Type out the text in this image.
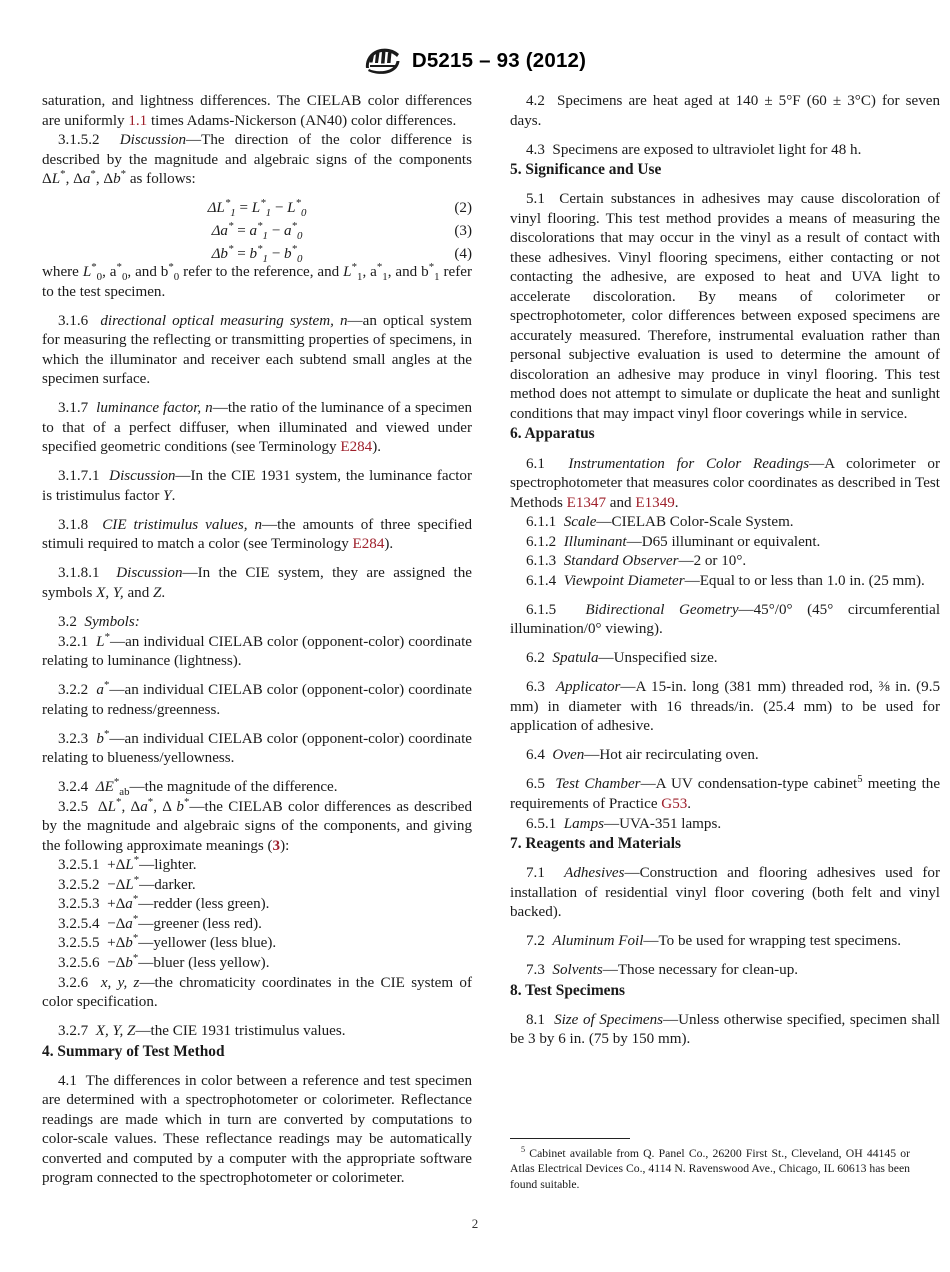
D5215 – 93 (2012)

saturation, and lightness differences. The CIELAB color differences are uniformly 1.1 times Adams-Nickerson (AN40) color differences.

3.1.5.2 Discussion—The direction of the color difference is described by the magnitude and algebraic signs of the components ΔL*, Δa*, Δb* as follows:

$\Delta L^*_1 = L^*_1 - L^*_0$	(2)
$\Delta a^* = a^*_1 - a^*_0$	(3)
$\Delta b^* = b^*_1 - b^*_0$	(4)

where $L^*_0$, $a^*_0$, and $b^*_0$ refer to the reference, and $L^*_1$, $a^*_1$, and $b^*_1$ refer to the test specimen.

3.1.6 directional optical measuring system, n—an optical system for measuring the reflecting or transmitting properties of specimens, in which the illuminator and receiver each subtend small angles at the specimen surface.

3.1.7 luminance factor, n—the ratio of the luminance of a specimen to that of a perfect diffuser, when illuminated and viewed under specified geometric conditions (see Terminology E284).

3.1.7.1 Discussion—In the CIE 1931 system, the luminance factor is tristimulus factor Y.

3.1.8 CIE tristimulus values, n—the amounts of three specified stimuli required to match a color (see Terminology E284).

3.1.8.1 Discussion—In the CIE system, they are assigned the symbols X, Y, and Z.

3.2 Symbols:

3.2.1 L*—an individual CIELAB color (opponent-color) coordinate relating to luminance (lightness).

3.2.2 a*—an individual CIELAB color (opponent-color) coordinate relating to redness/greenness.

3.2.3 b*—an individual CIELAB color (opponent-color) coordinate relating to blueness/yellowness.

3.2.4 $\Delta E^*_{ab}—the$ magnitude of the difference.

3.2.5  ΔL*, Δa*, Δ b*—the CIELAB color differences as described by the magnitude and algebraic signs of the components, and giving the following approximate meanings (3):

3.2.5.1 +ΔL*—lighter.

3.2.5.2 −ΔL*—darker.

3.2.5.3 +Δa*—redder (less green).

3.2.5.4 −Δa*—greener (less red).

3.2.5.5 +Δb*—yellower (less blue).

3.2.5.6 −Δb*—bluer (less yellow).

3.2.6 x, y, z—the chromaticity coordinates in the CIE system of color specification.

3.2.7 X, Y, Z—the CIE 1931 tristimulus values.

4. Summary of Test Method

4.1 The differences in color between a reference and test specimen are determined with a spectrophotometer or colorimeter. Reflectance readings are made which in turn are converted by computations to color-scale values. These reflectance readings may be automatically converted and computed by a computer with the appropriate software program connected to the spectrophotometer or colorimeter.

4.2 Specimens are heat aged at 140 ± 5°F (60 ± 3°C) for seven days.

4.3 Specimens are exposed to ultraviolet light for 48 h.

5. Significance and Use

5.1 Certain substances in adhesives may cause discoloration of vinyl flooring. This test method provides a means of measuring the discolorations that may occur in the vinyl as a result of contact with these adhesives. Vinyl flooring specimens, either contacting or not contacting the adhesive, are exposed to heat and UVA light to accelerate discoloration. By means of colorimeter or spectrophotometer, color differences between exposed specimens are accurately measured. Therefore, instrumental evaluation rather than personal subjective evaluation is used to determine the amount of discoloration an adhesive may produce in vinyl flooring. This test method does not attempt to simulate or duplicate the heat and sunlight conditions that may impact vinyl floor coverings while in service.

6. Apparatus

6.1 Instrumentation for Color Readings—A colorimeter or spectrophotometer that measures color coordinates as described in Test Methods E1347 and E1349.

6.1.1 Scale—CIELAB Color-Scale System.

6.1.2 Illuminant—D65 illuminant or equivalent.

6.1.3 Standard Observer—2 or 10°.

6.1.4 Viewpoint Diameter—Equal to or less than 1.0 in. (25 mm).

6.1.5 Bidirectional Geometry—45°/0° (45° circumferential illumination/0° viewing).

6.2 Spatula—Unspecified size.

6.3 Applicator—A 15-in. long (381 mm) threaded rod, ⅜ in. (9.5 mm) in diameter with 16 threads/in. (25.4 mm) to be used for application of adhesive.

6.4 Oven—Hot air recirculating oven.

6.5 Test Chamber—A UV condensation-type cabinet$^5$ meeting the requirements of Practice G53.

6.5.1 Lamps—UVA-351 lamps.

7. Reagents and Materials

7.1 Adhesives—Construction and flooring adhesives used for installation of residential vinyl floor covering (both felt and vinyl backed).

7.2 Aluminum Foil—To be used for wrapping test specimens.

7.3 Solvents—Those necessary for clean-up.

8. Test Specimens

8.1 Size of Specimens—Unless otherwise specified, specimen shall be 3 by 6 in. (75 by 150 mm).

$^5$ Cabinet available from Q. Panel Co., 26200 First St., Cleveland, OH 44145 or Atlas Electrical Devices Co., 4114 N. Ravenswood Ave., Chicago, IL 60613 has been found suitable.

2
